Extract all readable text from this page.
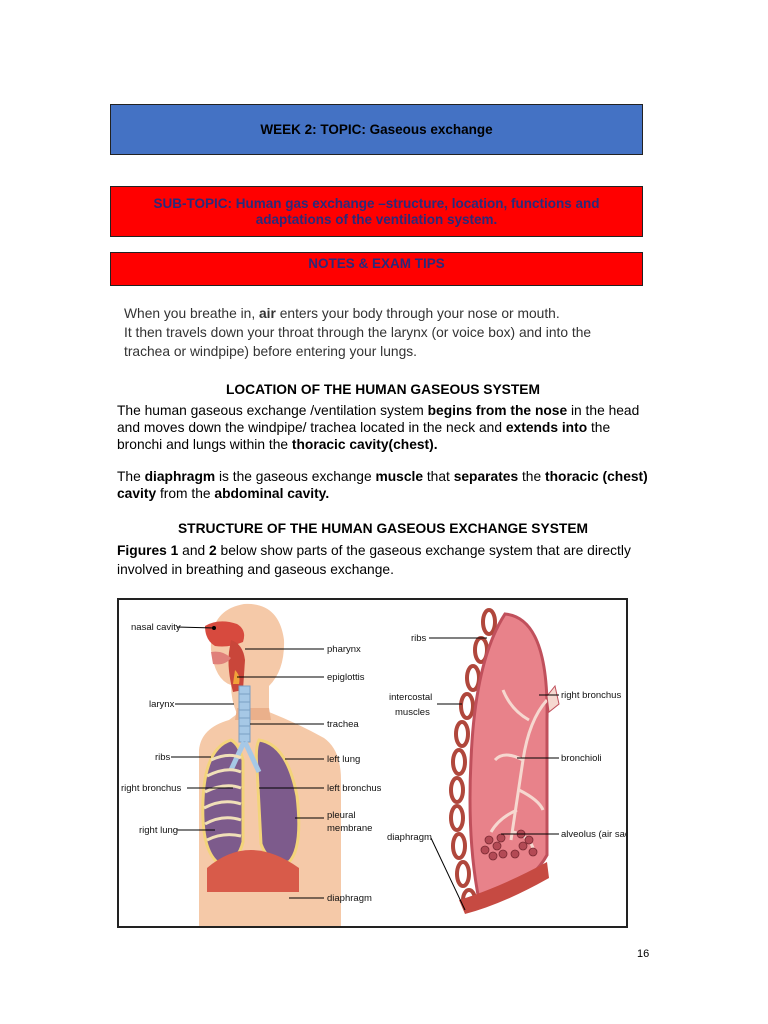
WEEK 2: TOPIC: Gaseous exchange
SUB-TOPIC: Human gas exchange –structure, location, functions and
adaptations of the ventilation system.
NOTES & EXAM TIPS
When you breathe in, air enters your body through your nose or mouth.
It then travels down your throat through the larynx (or voice box) and into the
trachea or windpipe) before entering your lungs.
LOCATION OF THE HUMAN GASEOUS SYSTEM
The human gaseous exchange /ventilation system begins from the nose in the head and moves down the windpipe/ trachea located in the neck and extends into the bronchi and lungs within the thoracic cavity(chest).
The diaphragm is the gaseous exchange muscle that separates the thoracic (chest) cavity from the abdominal cavity.
STRUCTURE OF THE HUMAN GASEOUS EXCHANGE SYSTEM
Figures 1 and 2 below show parts of the gaseous exchange system that are directly involved in breathing and gaseous exchange.
nasal cavity
pharynx
epiglottis
larynx
trachea
ribs	left lung
right bronchus	left bronchus
pleural
membrane
right lung
diaphragm
ribs
intercostal
muscles
right bronchus
bronchioli
diaphragm	alveolus (air sac)
16
